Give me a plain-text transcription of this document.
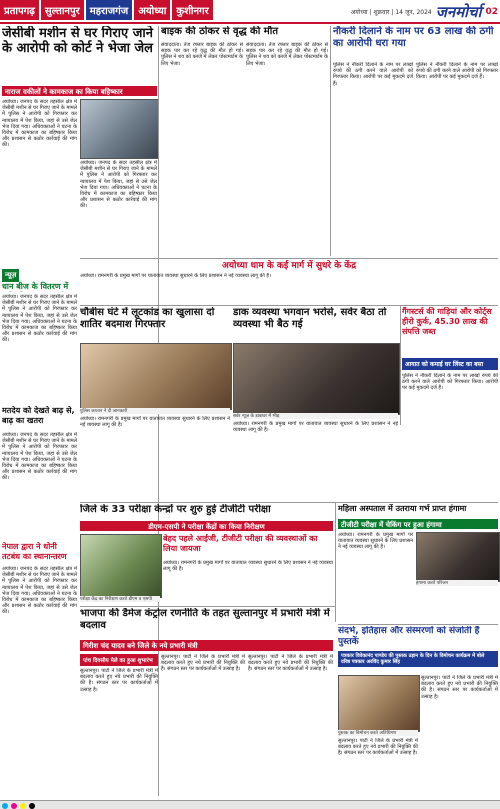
प्रतापगढ़	सुल्तानपुर	महराजगंज	अयोध्या	कुशीनगर	अयोध्या | शुक्रवार | 14 जून, 2024 जनमोर्चा 02
जेसीबी मशीन से घर गिराए जाने के आरोपी को कोर्ट ने भेजा जेल
नाराज वकीलों ने कामकाज का किया बहिष्कार
अयोध्या। जनपद के सदर तहसील क्षेत्र में जेसीबी मशीन से घर गिराए जाने के मामले में पुलिस ने आरोपी को गिरफ्तार कर न्यायालय में पेश किया, जहां से उसे जेल भेज दिया गया। अधिवक्ताओं ने घटना के विरोध में कामकाज का बहिष्कार किया और प्रशासन से कठोर कार्रवाई की मांग की।
अयोध्या। जनपद के सदर तहसील क्षेत्र में जेसीबी मशीन से घर गिराए जाने के मामले में पुलिस ने आरोपी को गिरफ्तार कर न्यायालय में पेश किया, जहां से उसे जेल भेज दिया गया। अधिवक्ताओं ने घटना के विरोध में कामकाज का बहिष्कार किया और प्रशासन से कठोर कार्रवाई की मांग की।
न्यूज़
धान बीज के वितरण में
अयोध्या। जनपद के सदर तहसील क्षेत्र में जेसीबी मशीन से घर गिराए जाने के मामले में पुलिस ने आरोपी को गिरफ्तार कर न्यायालय में पेश किया, जहां से उसे जेल भेज दिया गया। अधिवक्ताओं ने घटना के विरोध में कामकाज का बहिष्कार किया और प्रशासन से कठोर कार्रवाई की मांग की।
मतदेय को देखते बाढ़ से, बाढ़ का खतरा
अयोध्या। जनपद के सदर तहसील क्षेत्र में जेसीबी मशीन से घर गिराए जाने के मामले में पुलिस ने आरोपी को गिरफ्तार कर न्यायालय में पेश किया, जहां से उसे जेल भेज दिया गया। अधिवक्ताओं ने घटना के विरोध में कामकाज का बहिष्कार किया और प्रशासन से कठोर कार्रवाई की मांग की।
नेपाल द्वारा ने धोनी तटबंध का स्थानान्तरण
अयोध्या। जनपद के सदर तहसील क्षेत्र में जेसीबी मशीन से घर गिराए जाने के मामले में पुलिस ने आरोपी को गिरफ्तार कर न्यायालय में पेश किया, जहां से उसे जेल भेज दिया गया। अधिवक्ताओं ने घटना के विरोध में कामकाज का बहिष्कार किया और प्रशासन से कठोर कार्रवाई की मांग की।
बाइक की ठोकर से वृद्ध की मौत
संवाददाता। तेज रफ्तार बाइक की ठोकर से सड़क पार कर रहे वृद्ध की मौत हो गई। पुलिस ने शव को कब्जे में लेकर पोस्टमार्टम के लिए भेजा।
संवाददाता। तेज रफ्तार बाइक की ठोकर से सड़क पार कर रहे वृद्ध की मौत हो गई। पुलिस ने शव को कब्जे में लेकर पोस्टमार्टम के लिए भेजा।
नौकरी दिलाने के नाम पर 63 लाख की ठगी का आरोपी धरा गया
पुलिस ने नौकरी दिलाने के नाम पर लाखों रुपये की ठगी करने वाले आरोपी को गिरफ्तार किया। आरोपी पर कई मुकदमे दर्ज हैं।
पुलिस ने नौकरी दिलाने के नाम पर लाखों रुपये की ठगी करने वाले आरोपी को गिरफ्तार किया। आरोपी पर कई मुकदमे दर्ज हैं।
अयोध्या धाम के कई मार्ग में सुधरे के केंद्र
अयोध्या। रामनगरी के प्रमुख मार्गों पर यातायात व्यवस्था सुधारने के लिए प्रशासन ने नई व्यवस्था लागू की है।
चौबीस घंटे में लूटकांड का खुलासा दो शातिर बदमाश गिरफ्तार
डाक व्यवस्था भगवान भरोसे, सर्वर बैठा तो व्यवस्था भी बैठ गई
पुलिस कप्तान ने दी जानकारी
सर्वर न्यूज़ के डाकघर में भीड़
अयोध्या। रामनगरी के प्रमुख मार्गों पर यातायात व्यवस्था सुधारने के लिए प्रशासन ने नई व्यवस्था लागू की है।	अयोध्या। रामनगरी के प्रमुख मार्गों पर यातायात व्यवस्था सुधारने के लिए प्रशासन ने नई व्यवस्था लागू की है।
गैंगस्टर्स की गाड़ियां और कोर्ट्स हीरो कुर्क, 45.30 लाख की संपत्ति जब्त
आयात को कमाई घर लिंस्ट का बसा
पुलिस ने नौकरी दिलाने के नाम पर लाखों रुपये की ठगी करने वाले आरोपी को गिरफ्तार किया। आरोपी पर कई मुकदमे दर्ज हैं।
जिले के 33 परीक्षा केन्द्रों पर शुरु हुई टीजीटी परीक्षा
डीएम-एसपी ने परीक्षा केंद्रों का किया निरीक्षण
परीक्षा केंद्र का निरीक्षण करते डीएम व एसपी
बेहद पहले आईजी, टीजीटी परीक्षा की व्यवस्थाओं का लिया जायजा
अयोध्या। रामनगरी के प्रमुख मार्गों पर यातायात व्यवस्था सुधारने के लिए प्रशासन ने नई व्यवस्था लागू की है।
महिला अस्पताल में उतराया गर्भ प्राप्त हंगामा
टीजीटी परीक्षा में चेकिंग पर हुआ हंगामा
अयोध्या। रामनगरी के प्रमुख मार्गों पर यातायात व्यवस्था सुधारने के लिए प्रशासन ने नई व्यवस्था लागू की है।
हंगामा करते परिजन
भाजपा की डैमेज कंट्रोल रणनीति के तहत सुल्तानपुर में प्रभारी मंत्री में बदलाव
गिरीश चंद यादव बने जिले के नये प्रभारी मंत्री
पांच दिवसीय मेले का हुआ शुभारंभ
सुल्तानपुर। पार्टी ने जिले के प्रभारी मंत्री में बदलाव करते हुए नये प्रभारी की नियुक्ति की है। संगठन स्तर पर कार्यकर्ताओं में उत्साह है।
सुल्तानपुर। पार्टी ने जिले के प्रभारी मंत्री में बदलाव करते हुए नये प्रभारी की नियुक्ति की है। संगठन स्तर पर कार्यकर्ताओं में उत्साह है।
सुल्तानपुर। पार्टी ने जिले के प्रभारी मंत्री में बदलाव करते हुए नये प्रभारी की नियुक्ति की है। संगठन स्तर पर कार्यकर्ताओं में उत्साह है।
संदर्भ, इतिहास और संस्मरणों को संजोती हैं पुस्तकें
पत्रकार विवेकानंद पाण्डेय की पुस्तक उड़ान के दिन के विमोचन कार्यक्रम में बोले वरिष्ठ पत्रकार अरविंद कुमार सिंह
पुस्तक का विमोचन करते अतिथिगण
सुल्तानपुर। पार्टी ने जिले के प्रभारी मंत्री में बदलाव करते हुए नये प्रभारी की नियुक्ति की है। संगठन स्तर पर कार्यकर्ताओं में उत्साह है।
सुल्तानपुर। पार्टी ने जिले के प्रभारी मंत्री में बदलाव करते हुए नये प्रभारी की नियुक्ति की है। संगठन स्तर पर कार्यकर्ताओं में उत्साह है।
